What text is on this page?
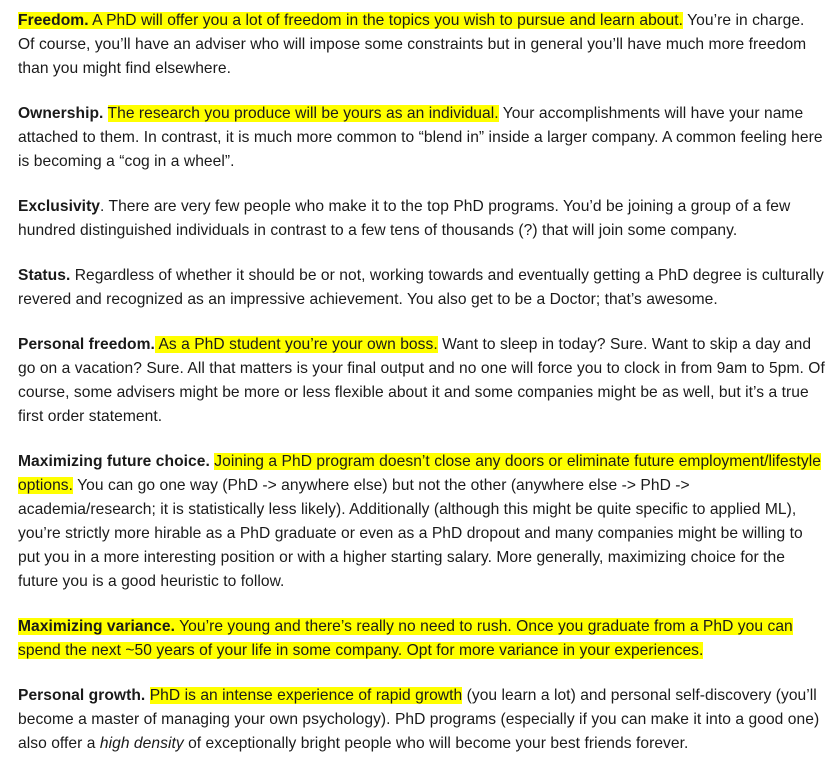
Freedom. A PhD will offer you a lot of freedom in the topics you wish to pursue and learn about. You’re in charge. Of course, you’ll have an adviser who will impose some constraints but in general you’ll have much more freedom than you might find elsewhere.

Ownership. The research you produce will be yours as an individual. Your accomplishments will have your name attached to them. In contrast, it is much more common to “blend in” inside a larger company. A common feeling here is becoming a “cog in a wheel”.

Exclusivity. There are very few people who make it to the top PhD programs. You’d be joining a group of a few hundred distinguished individuals in contrast to a few tens of thousands (?) that will join some company.

Status. Regardless of whether it should be or not, working towards and eventually getting a PhD degree is culturally revered and recognized as an impressive achievement. You also get to be a Doctor; that’s awesome.

Personal freedom. As a PhD student you’re your own boss. Want to sleep in today? Sure. Want to skip a day and go on a vacation? Sure. All that matters is your final output and no one will force you to clock in from 9am to 5pm. Of course, some advisers might be more or less flexible about it and some companies might be as well, but it’s a true first order statement.

Maximizing future choice. Joining a PhD program doesn’t close any doors or eliminate future employment/lifestyle options. You can go one way (PhD -> anywhere else) but not the other (anywhere else -> PhD -> academia/research; it is statistically less likely). Additionally (although this might be quite specific to applied ML), you’re strictly more hirable as a PhD graduate or even as a PhD dropout and many companies might be willing to put you in a more interesting position or with a higher starting salary. More generally, maximizing choice for the future you is a good heuristic to follow.

Maximizing variance. You’re young and there’s really no need to rush. Once you graduate from a PhD you can spend the next ~50 years of your life in some company. Opt for more variance in your experiences.

Personal growth. PhD is an intense experience of rapid growth (you learn a lot) and personal self-discovery (you’ll become a master of managing your own psychology). PhD programs (especially if you can make it into a good one) also offer a high density of exceptionally bright people who will become your best friends forever.
